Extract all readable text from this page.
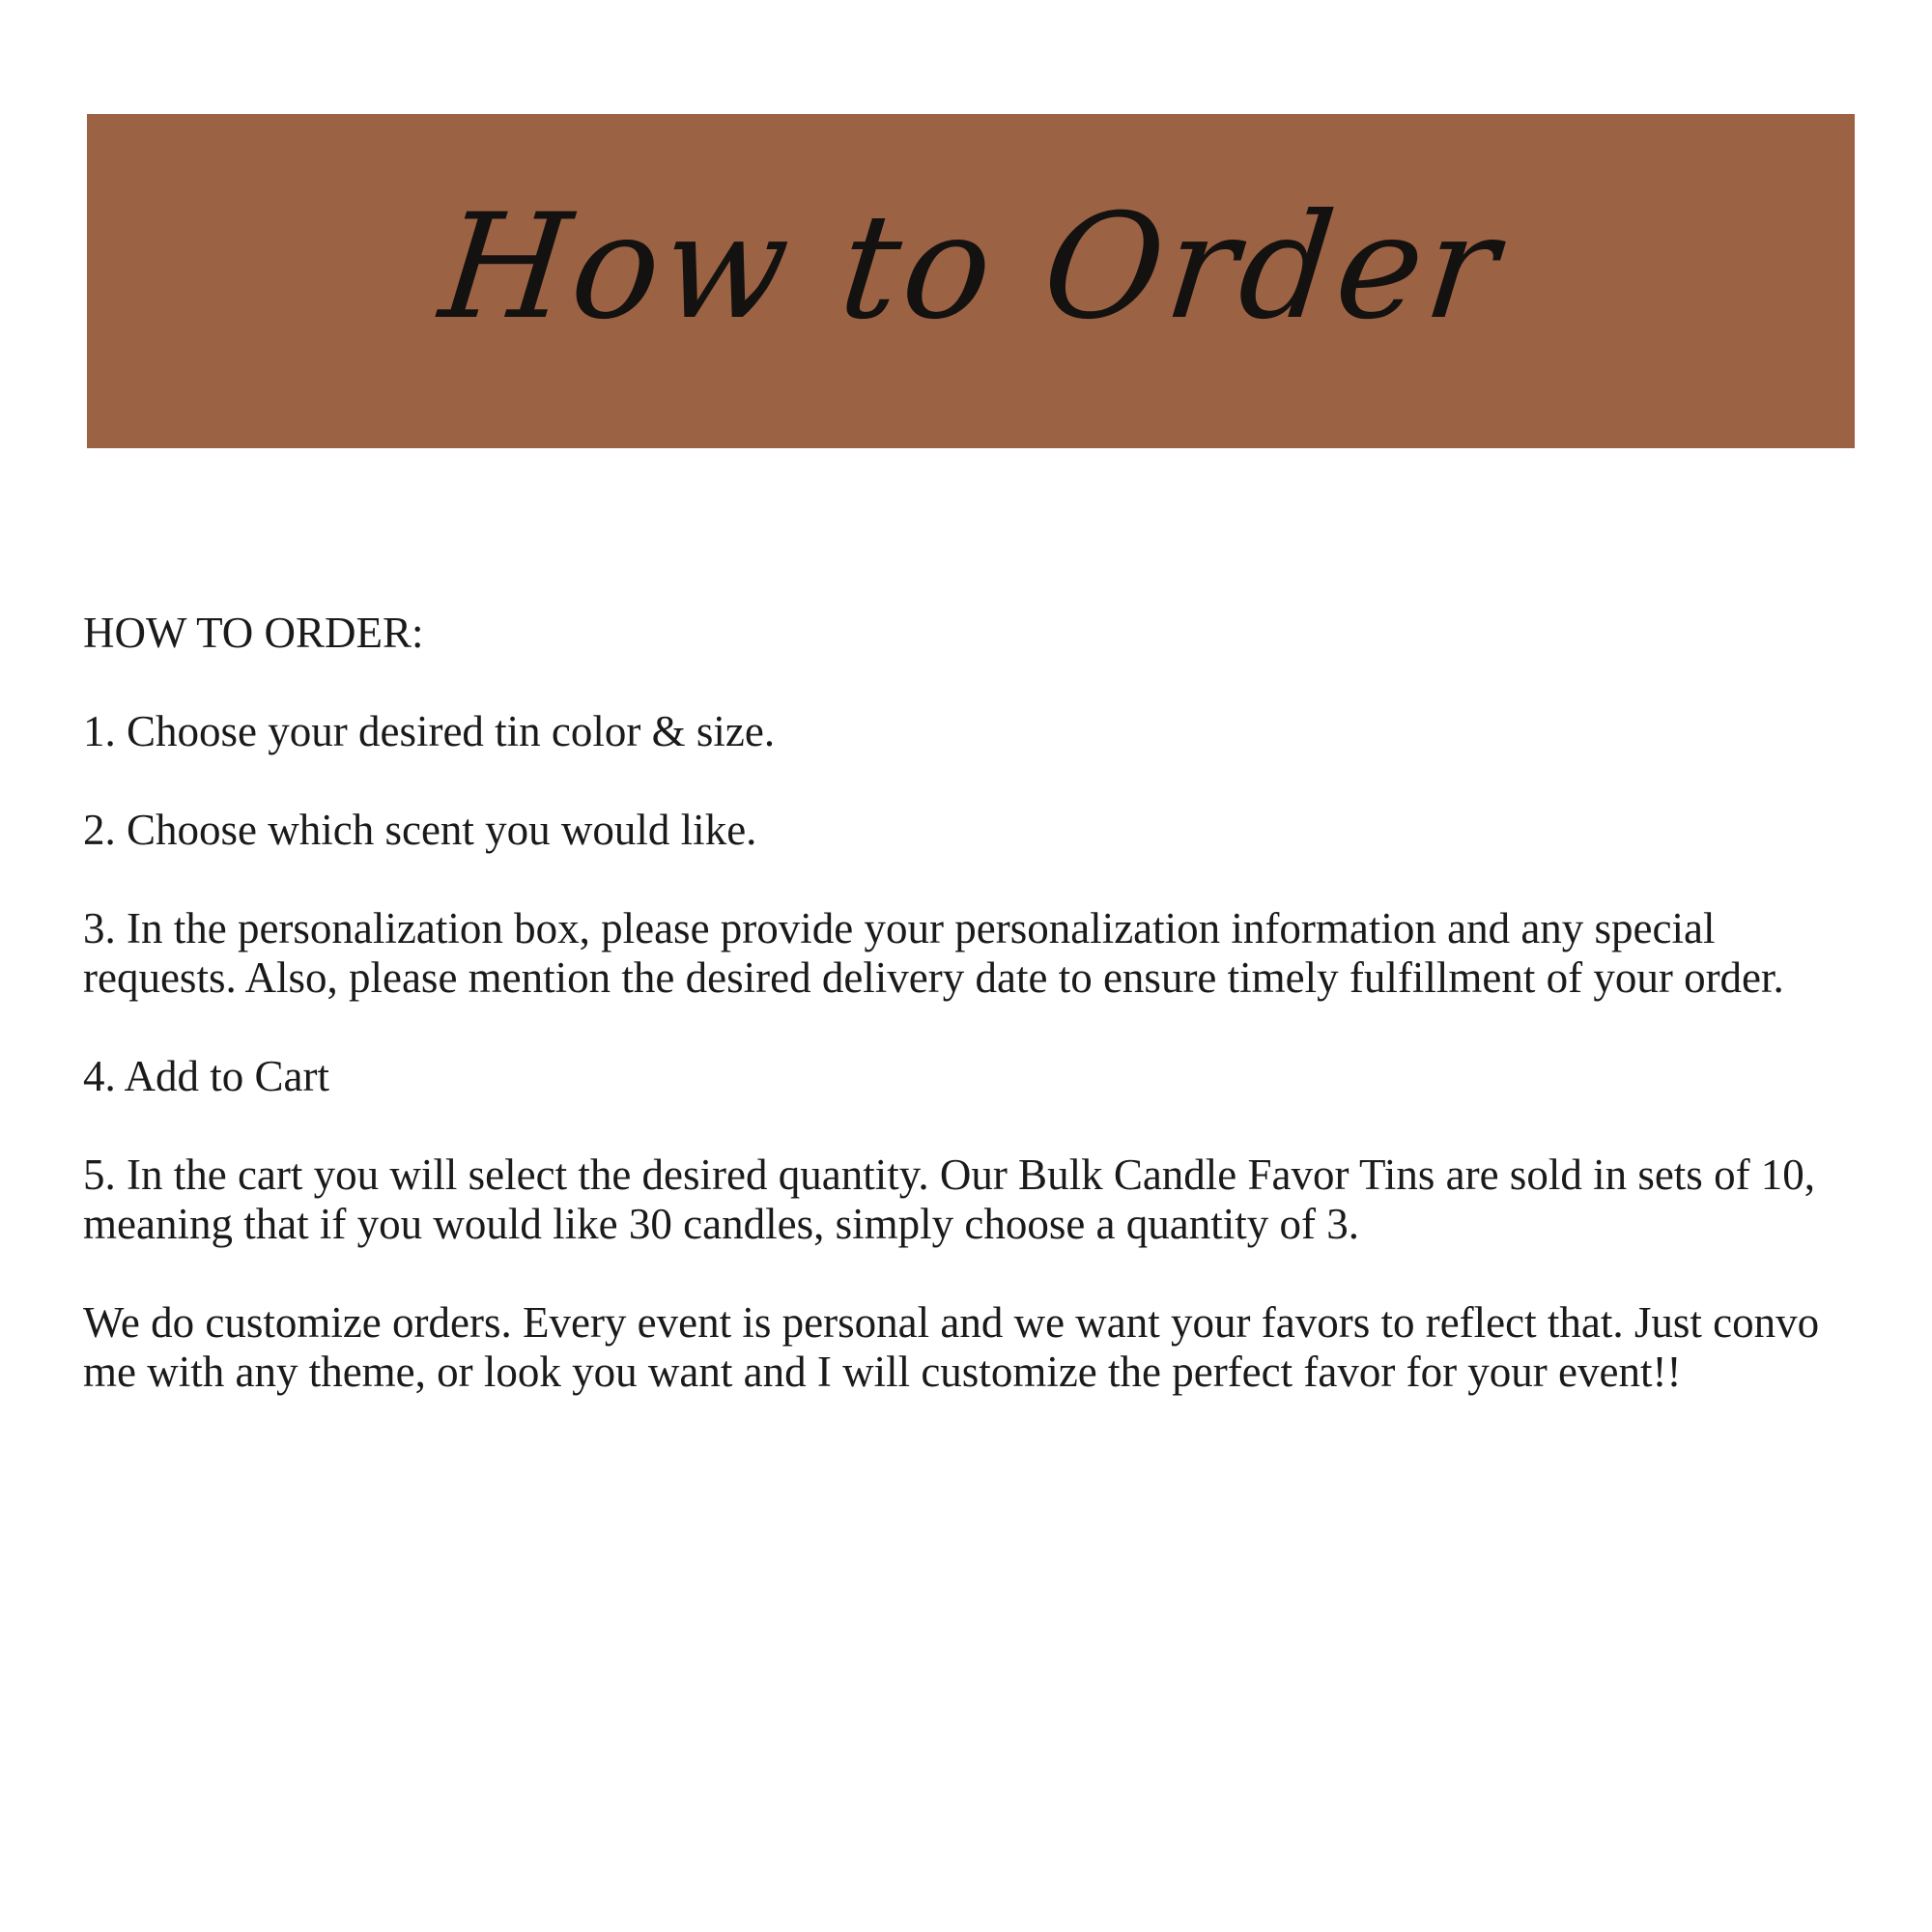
How to Order

HOW TO ORDER:

1. Choose your desired tin color & size.

2. Choose which scent you would like.

3. In the personalization box, please provide your personalization information and any special requests. Also, please mention the desired delivery date to ensure timely fulfillment of your order.

4. Add to Cart

5. In the cart you will select the desired quantity. Our Bulk Candle Favor Tins are sold in sets of 10, meaning that if you would like 30 candles, simply choose a quantity of 3.

We do customize orders. Every event is personal and we want your favors to reflect that. Just convo me with any theme, or look you want and I will customize the perfect favor for your event!!
